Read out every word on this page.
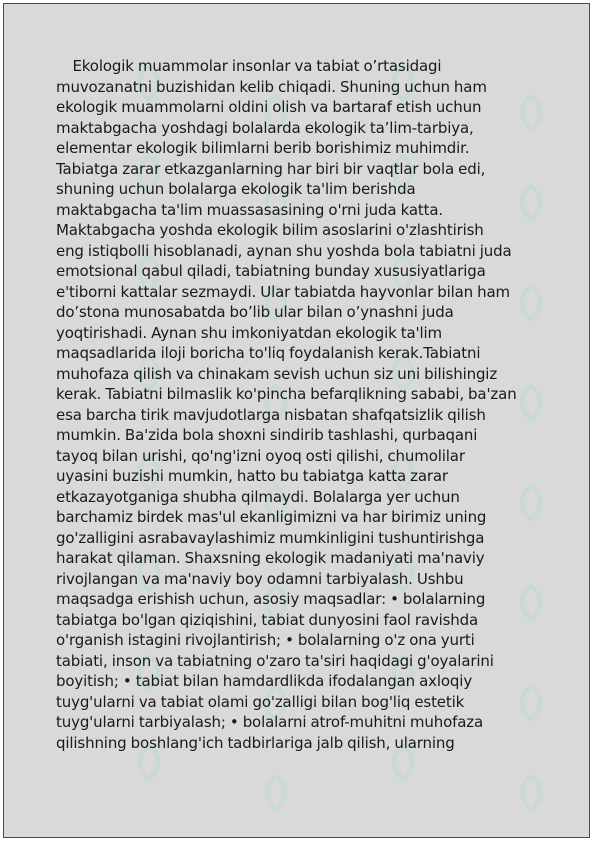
Ekologik muammolar insonlar va tabiat o’rtasidagi
muvozanatni buzishidan kelib chiqadi. Shuning uchun ham
ekologik muammolarni oldini olish va bartaraf etish uchun
maktabgacha yoshdagi bolalarda ekologik ta’lim-tarbiya,
elementar ekologik bilimlarni berib borishimiz muhimdir.
Tabiatga zarar etkazganlarning har biri bir vaqtlar bola edi,
shuning uchun bolalarga ekologik ta'lim berishda
maktabgacha ta'lim muassasasining o'rni juda katta.
Maktabgacha yoshda ekologik bilim asoslarini o'zlashtirish
eng istiqbolli hisoblanadi, aynan shu yoshda bola tabiatni juda
emotsional qabul qiladi, tabiatning bunday xususiyatlariga
e'tiborni kattalar sezmaydi. Ular tabiatda hayvonlar bilan ham
do’stona munosabatda bo’lib ular bilan o’ynashni juda
yoqtirishadi. Aynan shu imkoniyatdan ekologik ta'lim
maqsadlarida iloji boricha to'liq foydalanish kerak.Tabiatni
muhofaza qilish va chinakam sevish uchun siz uni bilishingiz
kerak. Tabiatni bilmaslik ko'pincha befarqlikning sababi, ba'zan
esa barcha tirik mavjudotlarga nisbatan shafqatsizlik qilish
mumkin. Ba'zida bola shoxni sindirib tashlashi, qurbaqani
tayoq bilan urishi, qo'ng'izni oyoq osti qilishi, chumolilar
uyasini buzishi mumkin, hatto bu tabiatga katta zarar
etkazayotganiga shubha qilmaydi. Bolalarga yer uchun
barchamiz birdek mas'ul ekanligimizni va har birimiz uning
go'zalligini asrabavaylashimiz mumkinligini tushuntirishga
harakat qilaman. Shaxsning ekologik madaniyati ma'naviy
rivojlangan va ma'naviy boy odamni tarbiyalash. Ushbu
maqsadga erishish uchun, asosiy maqsadlar: • bolalarning
tabiatga bo'lgan qiziqishini, tabiat dunyosini faol ravishda
o'rganish istagini rivojlantirish; • bolalarning o'z ona yurti
tabiati, inson va tabiatning o'zaro ta'siri haqidagi g'oyalarini
boyitish; • tabiat bilan hamdardlikda ifodalangan axloqiy
tuyg'ularni va tabiat olami go'zalligi bilan bog'liq estetik
tuyg'ularni tarbiyalash; • bolalarni atrof-muhitni muhofaza
qilishning boshlang'ich tadbirlariga jalb qilish, ularning
